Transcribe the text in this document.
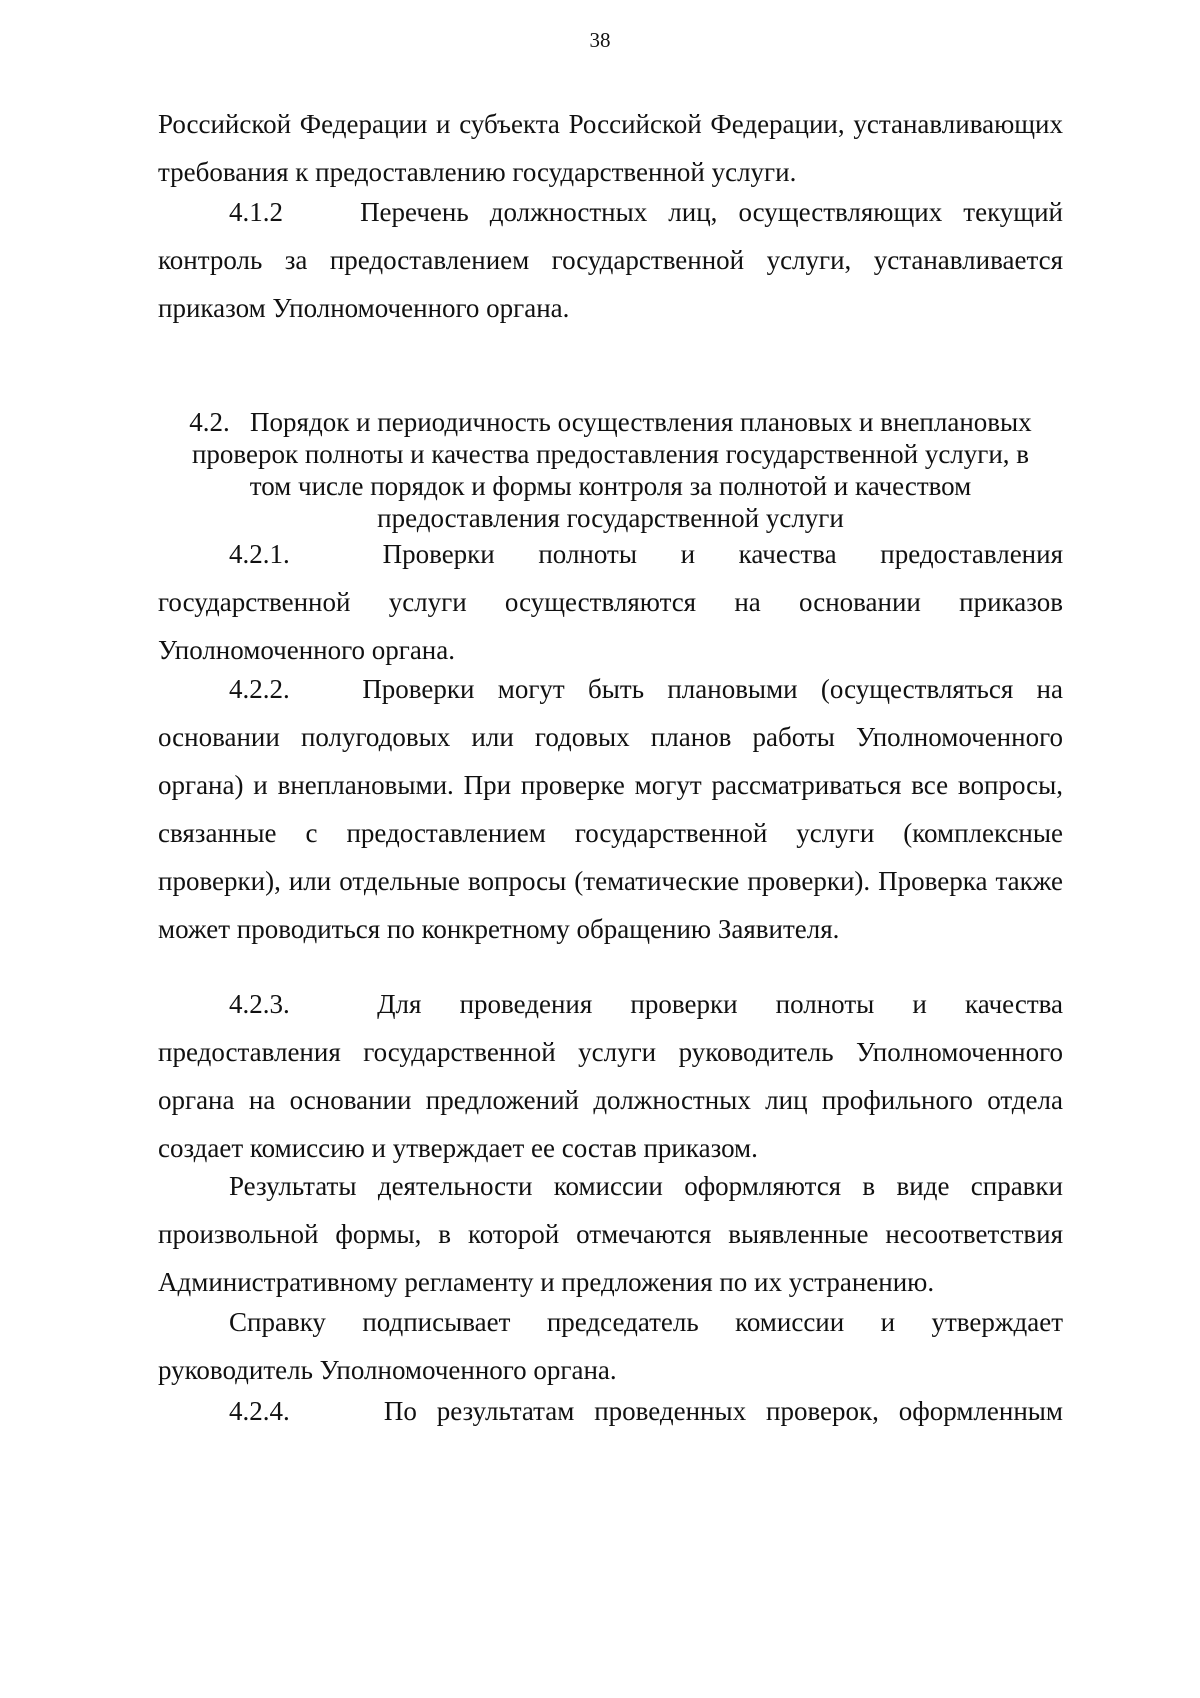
38

Российской Федерации и субъекта Российской Федерации, устанавливающих требования к предоставлению государственной услуги.

4.1.2	Перечень должностных лиц, осуществляющих текущий контроль за предоставлением государственной услуги, устанавливается приказом Уполномоченного органа.

4.2.   Порядок и периодичность осуществления плановых и внеплановых
проверок полноты и качества предоставления государственной услуги, в
том числе порядок и формы контроля за полнотой и качеством
предоставления государственной услуги

4.2.1.	Проверки полноты и качества предоставления государственной услуги осуществляются на основании приказов Уполномоченного органа.

4.2.2.	Проверки могут быть плановыми (осуществляться на основании полугодовых или годовых планов работы Уполномоченного органа) и внеплановыми. При проверке могут рассматриваться все вопросы, связанные с предоставлением государственной услуги (комплексные проверки), или отдельные вопросы (тематические проверки). Проверка также может проводиться по конкретному обращению Заявителя.

4.2.3.	Для проведения проверки полноты и качества предоставления государственной услуги руководитель Уполномоченного органа на основании предложений должностных лиц профильного отдела создает комиссию и утверждает ее состав приказом.

Результаты деятельности комиссии оформляются в виде справки произвольной формы, в которой отмечаются выявленные несоответствия Административному регламенту и предложения по их устранению.

Справку подписывает председатель комиссии и утверждает руководитель Уполномоченного органа.

4.2.4.	По результатам проведенных проверок, оформленным
